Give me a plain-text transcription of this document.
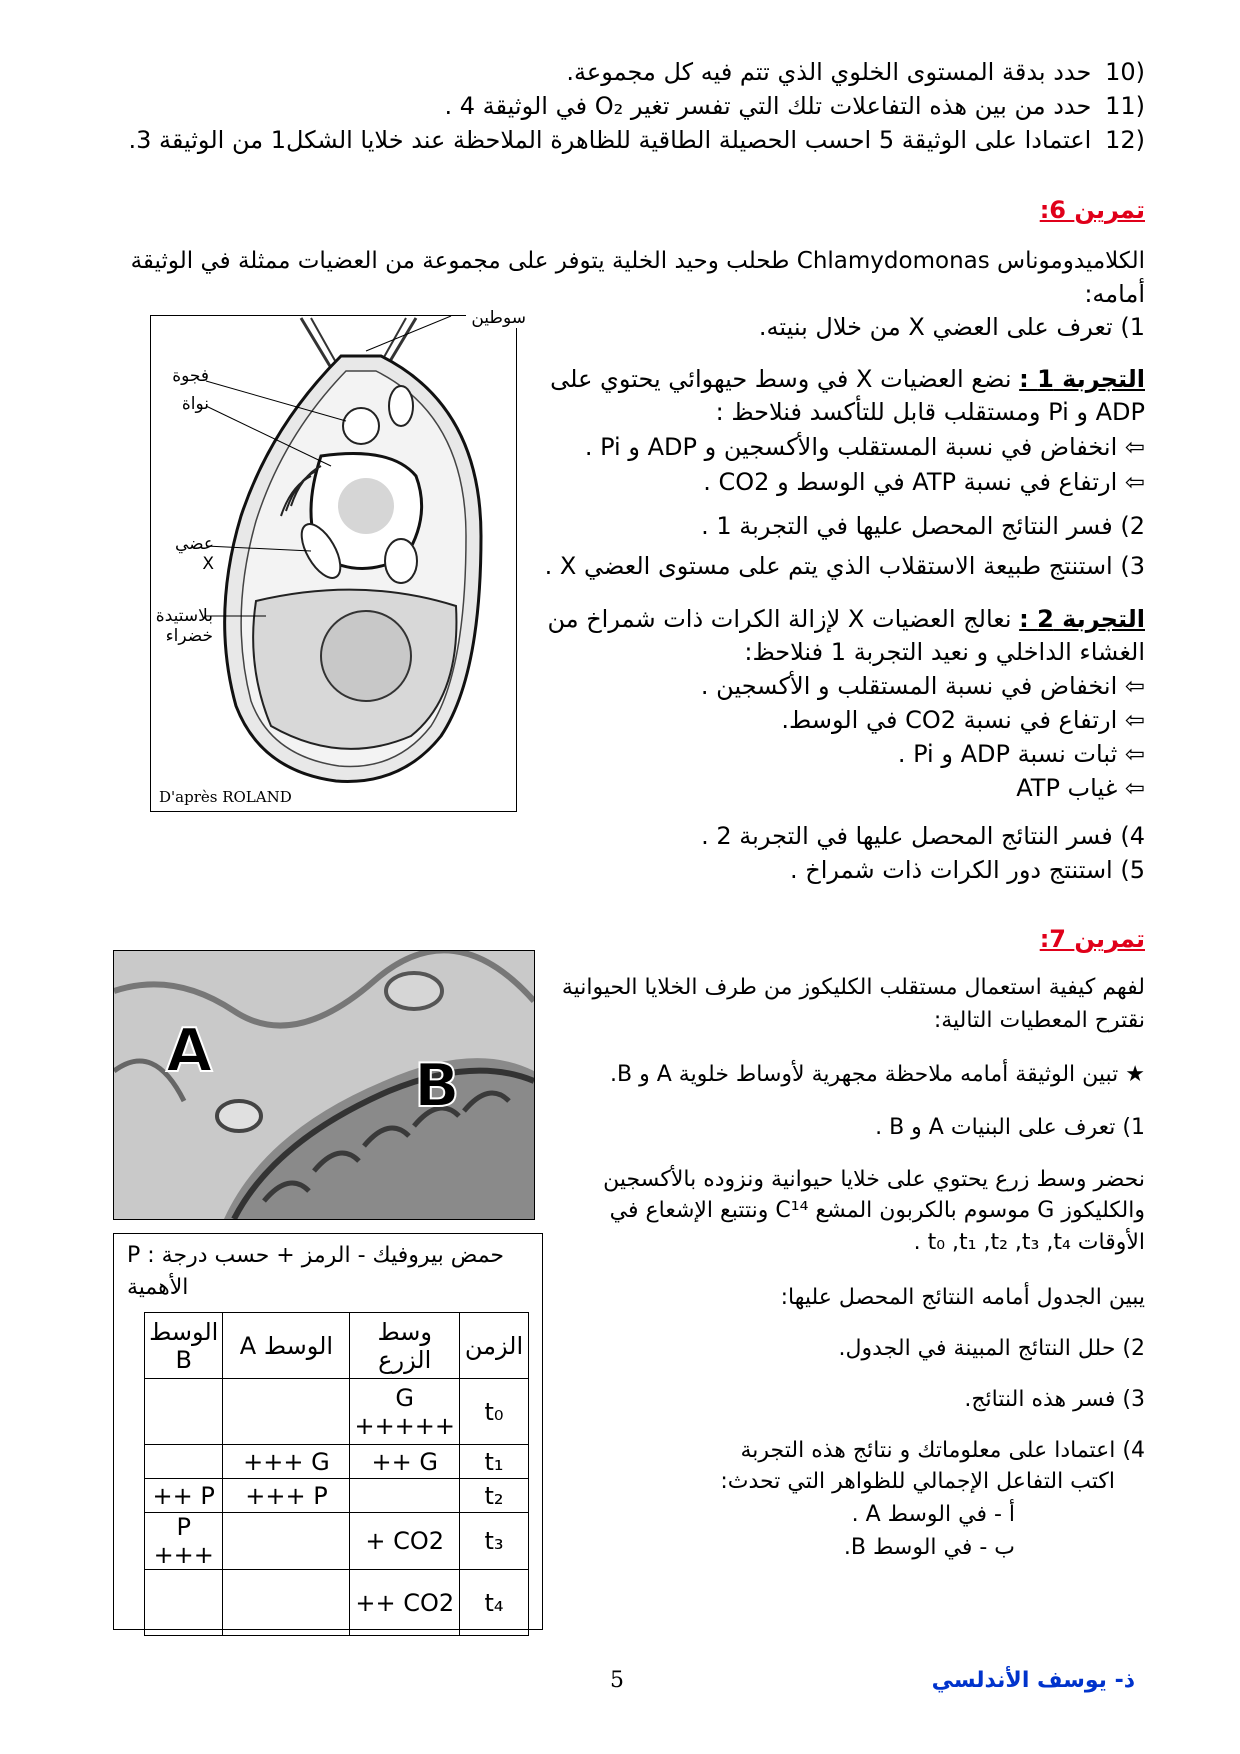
(10 حدد بدقة المستوى الخلوي الذي تتم فيه كل مجموعة.
(11 حدد من بين هذه التفاعلات تلك التي تفسر تغير O₂ في الوثيقة 4 .
(12 اعتمادا على الوثيقة 5 احسب الحصيلة الطاقية للظاهرة الملاحظة عند خلايا الشكل1 من الوثيقة 3.
:6 تمرين
الكلاميدوموناس Chlamydomonas طحلب وحيد الخلية يتوفر على مجموعة من العضيات ممثلة في الوثيقة
أمامه:
1) تعرف على العضي X من خلال بنيته.
التجربة 1 : نضع العضيات X في وسط حيهوائي يحتوي على
ADP و Pi ومستقلب قابل للتأكسد فنلاحظ :
⇦ انخفاض في نسبة المستقلب والأكسجين و ADP و Pi .
⇦ ارتفاع في نسبة ATP في الوسط و CO2 .
2) فسر النتائج المحصل عليها في التجربة 1 .
3) استنتج طبيعة الاستقلاب الذي يتم على مستوى العضي X .
التجربة 2 : نعالج العضيات X لإزالة الكرات ذات شمراخ من
الغشاء الداخلي و نعيد التجربة 1 فنلاحظ:
⇦ انخفاض في نسبة المستقلب و الأكسجين .
⇦ ارتفاع في نسبة CO2 في الوسط.
⇦ ثبات نسبة ADP و Pi .
⇦ غياب ATP
4) فسر النتائج المحصل عليها في التجربة 2 .
5) استنتج دور الكرات ذات شمراخ .
سوطين
فجوة
نواة
عضي X
بلاستيدة خضراء
D'après ROLAND
:7 تمرين
لفهم كيفية استعمال مستقلب الكليكوز من طرف الخلايا الحيوانية
نقترح المعطيات التالية:
★ تبين الوثيقة أمامه ملاحظة مجهرية لأوساط خلوية A و B.
1) تعرف على البنيات A و B .
نحضر وسط زرع يحتوي على خلايا حيوانية ونزوده بالأكسجين
والكليكوز G موسوم بالكربون المشع C¹⁴ ونتتبع الإشعاع في
الأوقات t₀ ,t₁ ,t₂ ,t₃ ,t₄ .
يبين الجدول أمامه النتائج المحصل عليها:
2) حلل النتائج المبينة في الجدول.
3) فسر هذه النتائج.
4) اعتمادا على معلوماتك و نتائج هذه التجربة
اكتب التفاعل الإجمالي للظواهر التي تحدث:
أ - في الوسط A .
ب - في الوسط B.
A	B
P : حمض بيروفيك - الرمز + حسب درجة الأهمية
الزمن	وسط الزرع	الوسط A	الوسط B
t₀	G +++++		
t₁	G ++	G +++	
t₂		P +++	P ++
t₃	CO2 +		P +++
t₄	CO2 ++		
5	ذ- يوسف الأندلسي
